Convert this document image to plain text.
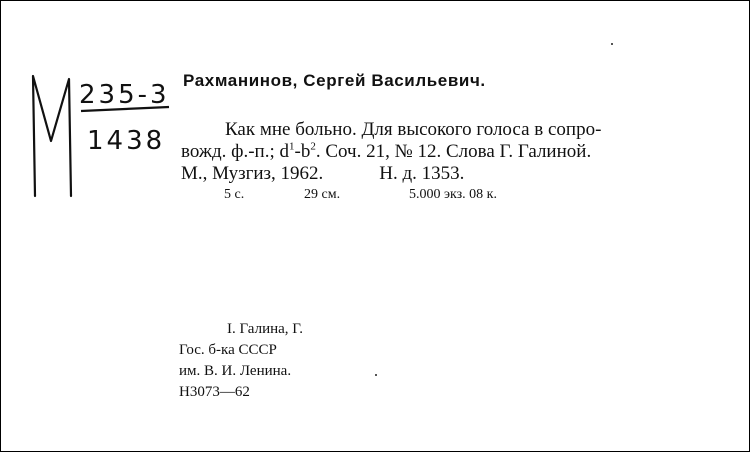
235-3
1438
Рахманинов, Сергей Васильевич.
Как мне больно. Для высокого голоса в сопро-
вожд. ф.-п.; $d^1-b^2$. Соч. 21, № 12. Слова Г. Галиной.
М., Музгиз, 1962.	Н. д. 1353.
5 с.	29 см.	5.000 экз. 08 к.
I. Галина, Г.
Гос. б-ка СССР
им. В. И. Ленина.
Н3073—62
